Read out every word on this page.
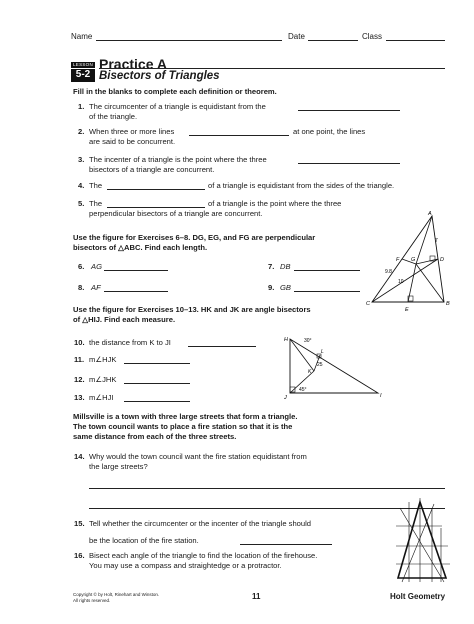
Name	Date	Class
LESSON
5-2
Practice A
Bisectors of Triangles
Fill in the blanks to complete each definition or theorem.
1. The circumcenter of a triangle is equidistant from the
of the triangle.
2. When three or more lines	at one point, the lines
are said to be concurrent.
3. The incenter of a triangle is the point where the three
bisectors of a triangle are concurrent.
4. The	of a triangle is equidistant from the sides of the triangle.
5. The	of a triangle is the point where the three
perpendicular bisectors of a triangle are concurrent.
Use the figure for Exercises 6–8. DG, EG, and FG are perpendicular
bisectors of △ABC. Find each length.
6. AG	7. DB
8. AF	9. GB
A
B
C
D
E
F G
7
9.8
10
Use the figure for Exercises 10–13. HK and JK are angle bisectors
of △HIJ. Find each measure.
10. the distance from K to JI
11. m∠HJK
12. m∠JHK
13. m∠HJI
H
I
J
K
L
30°
25
45°
Millsville is a town with three large streets that form a triangle.
The town council wants to place a fire station so that it is the
same distance from each of the three streets.
14. Why would the town council want the fire station equidistant from
the large streets?
15. Tell whether the circumcenter or the incenter of the triangle should
be the location of the fire station.
16. Bisect each angle of the triangle to find the location of the firehouse.
You may use a compass and straightedge or a protractor.
Copyright © by Holt, Rinehart and Winston.
All rights reserved.	11	Holt Geometry
